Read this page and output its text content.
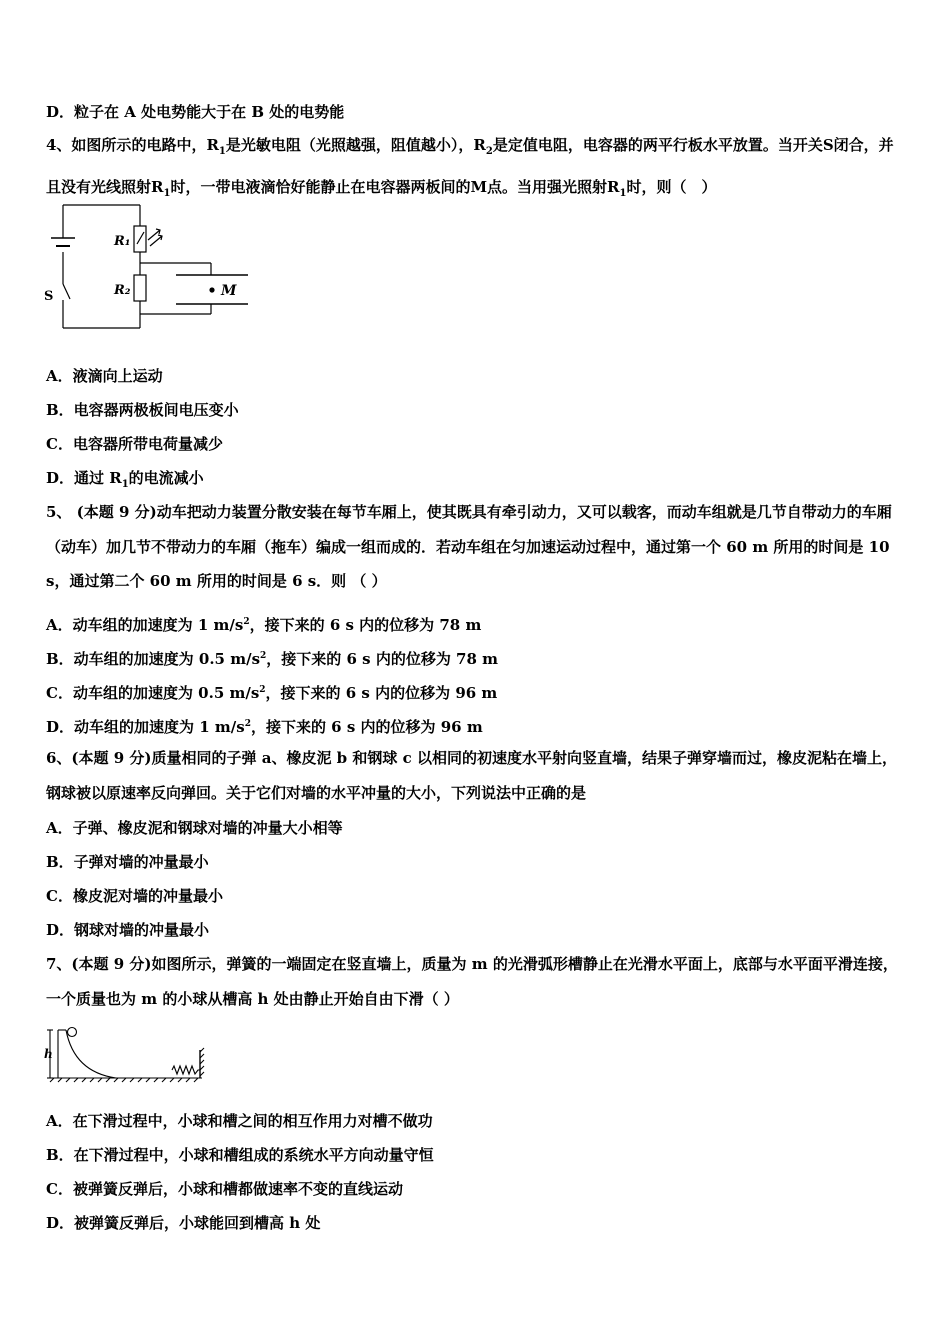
D．粒子在 A 处电势能大于在 B 处的电势能
4、如图所示的电路中，$R_1$是光敏电阻（光照越强，阻值越小），$R_2$是定值电阻，电容器的两平行板水平放置。当开关S闭合，并且没有光线照射$R_1$时，一带电液滴恰好能静止在电容器两板间的M点。当用强光照射$R_1$时，则（　）
R₁
R₂
S	M
A．液滴向上运动
B．电容器两极板间电压变小
C．电容器所带电荷量减少
D．通过 $R_1$的电流减小
5、 (本题 9 分)动车把动力装置分散安装在每节车厢上，使其既具有牵引动力，又可以载客，而动车组就是几节自带动力的车厢（动车）加几节不带动力的车厢（拖车）编成一组而成的．若动车组在匀加速运动过程中，通过第一个 60 m 所用的时间是 10 s，通过第二个 60 m 所用的时间是 6 s．则 （ ）
A．动车组的加速度为 1 $m/s^2$，接下来的 6 s 内的位移为 78 m
B．动车组的加速度为 0.5 $m/s^2$，接下来的 6 s 内的位移为 78 m
C．动车组的加速度为 0.5 $m/s^2$，接下来的 6 s 内的位移为 96 m
D．动车组的加速度为 1 $m/s^2$，接下来的 6 s 内的位移为 96 m
6、(本题 9 分)质量相同的子弹 a、橡皮泥 b 和钢球 c 以相同的初速度水平射向竖直墙，结果子弹穿墙而过，橡皮泥粘在墙上，钢球被以原速率反向弹回。关于它们对墙的水平冲量的大小，下列说法中正确的是
A．子弹、橡皮泥和钢球对墙的冲量大小相等
B．子弹对墙的冲量最小
C．橡皮泥对墙的冲量最小
D．钢球对墙的冲量最小
7、(本题 9 分)如图所示，弹簧的一端固定在竖直墙上，质量为 m 的光滑弧形槽静止在光滑水平面上，底部与水平面平滑连接，一个质量也为 m 的小球从槽高 h 处由静止开始自由下滑（ ）
h
A．在下滑过程中，小球和槽之间的相互作用力对槽不做功
B．在下滑过程中，小球和槽组成的系统水平方向动量守恒
C．被弹簧反弹后，小球和槽都做速率不变的直线运动
D．被弹簧反弹后，小球能回到槽高 h 处
